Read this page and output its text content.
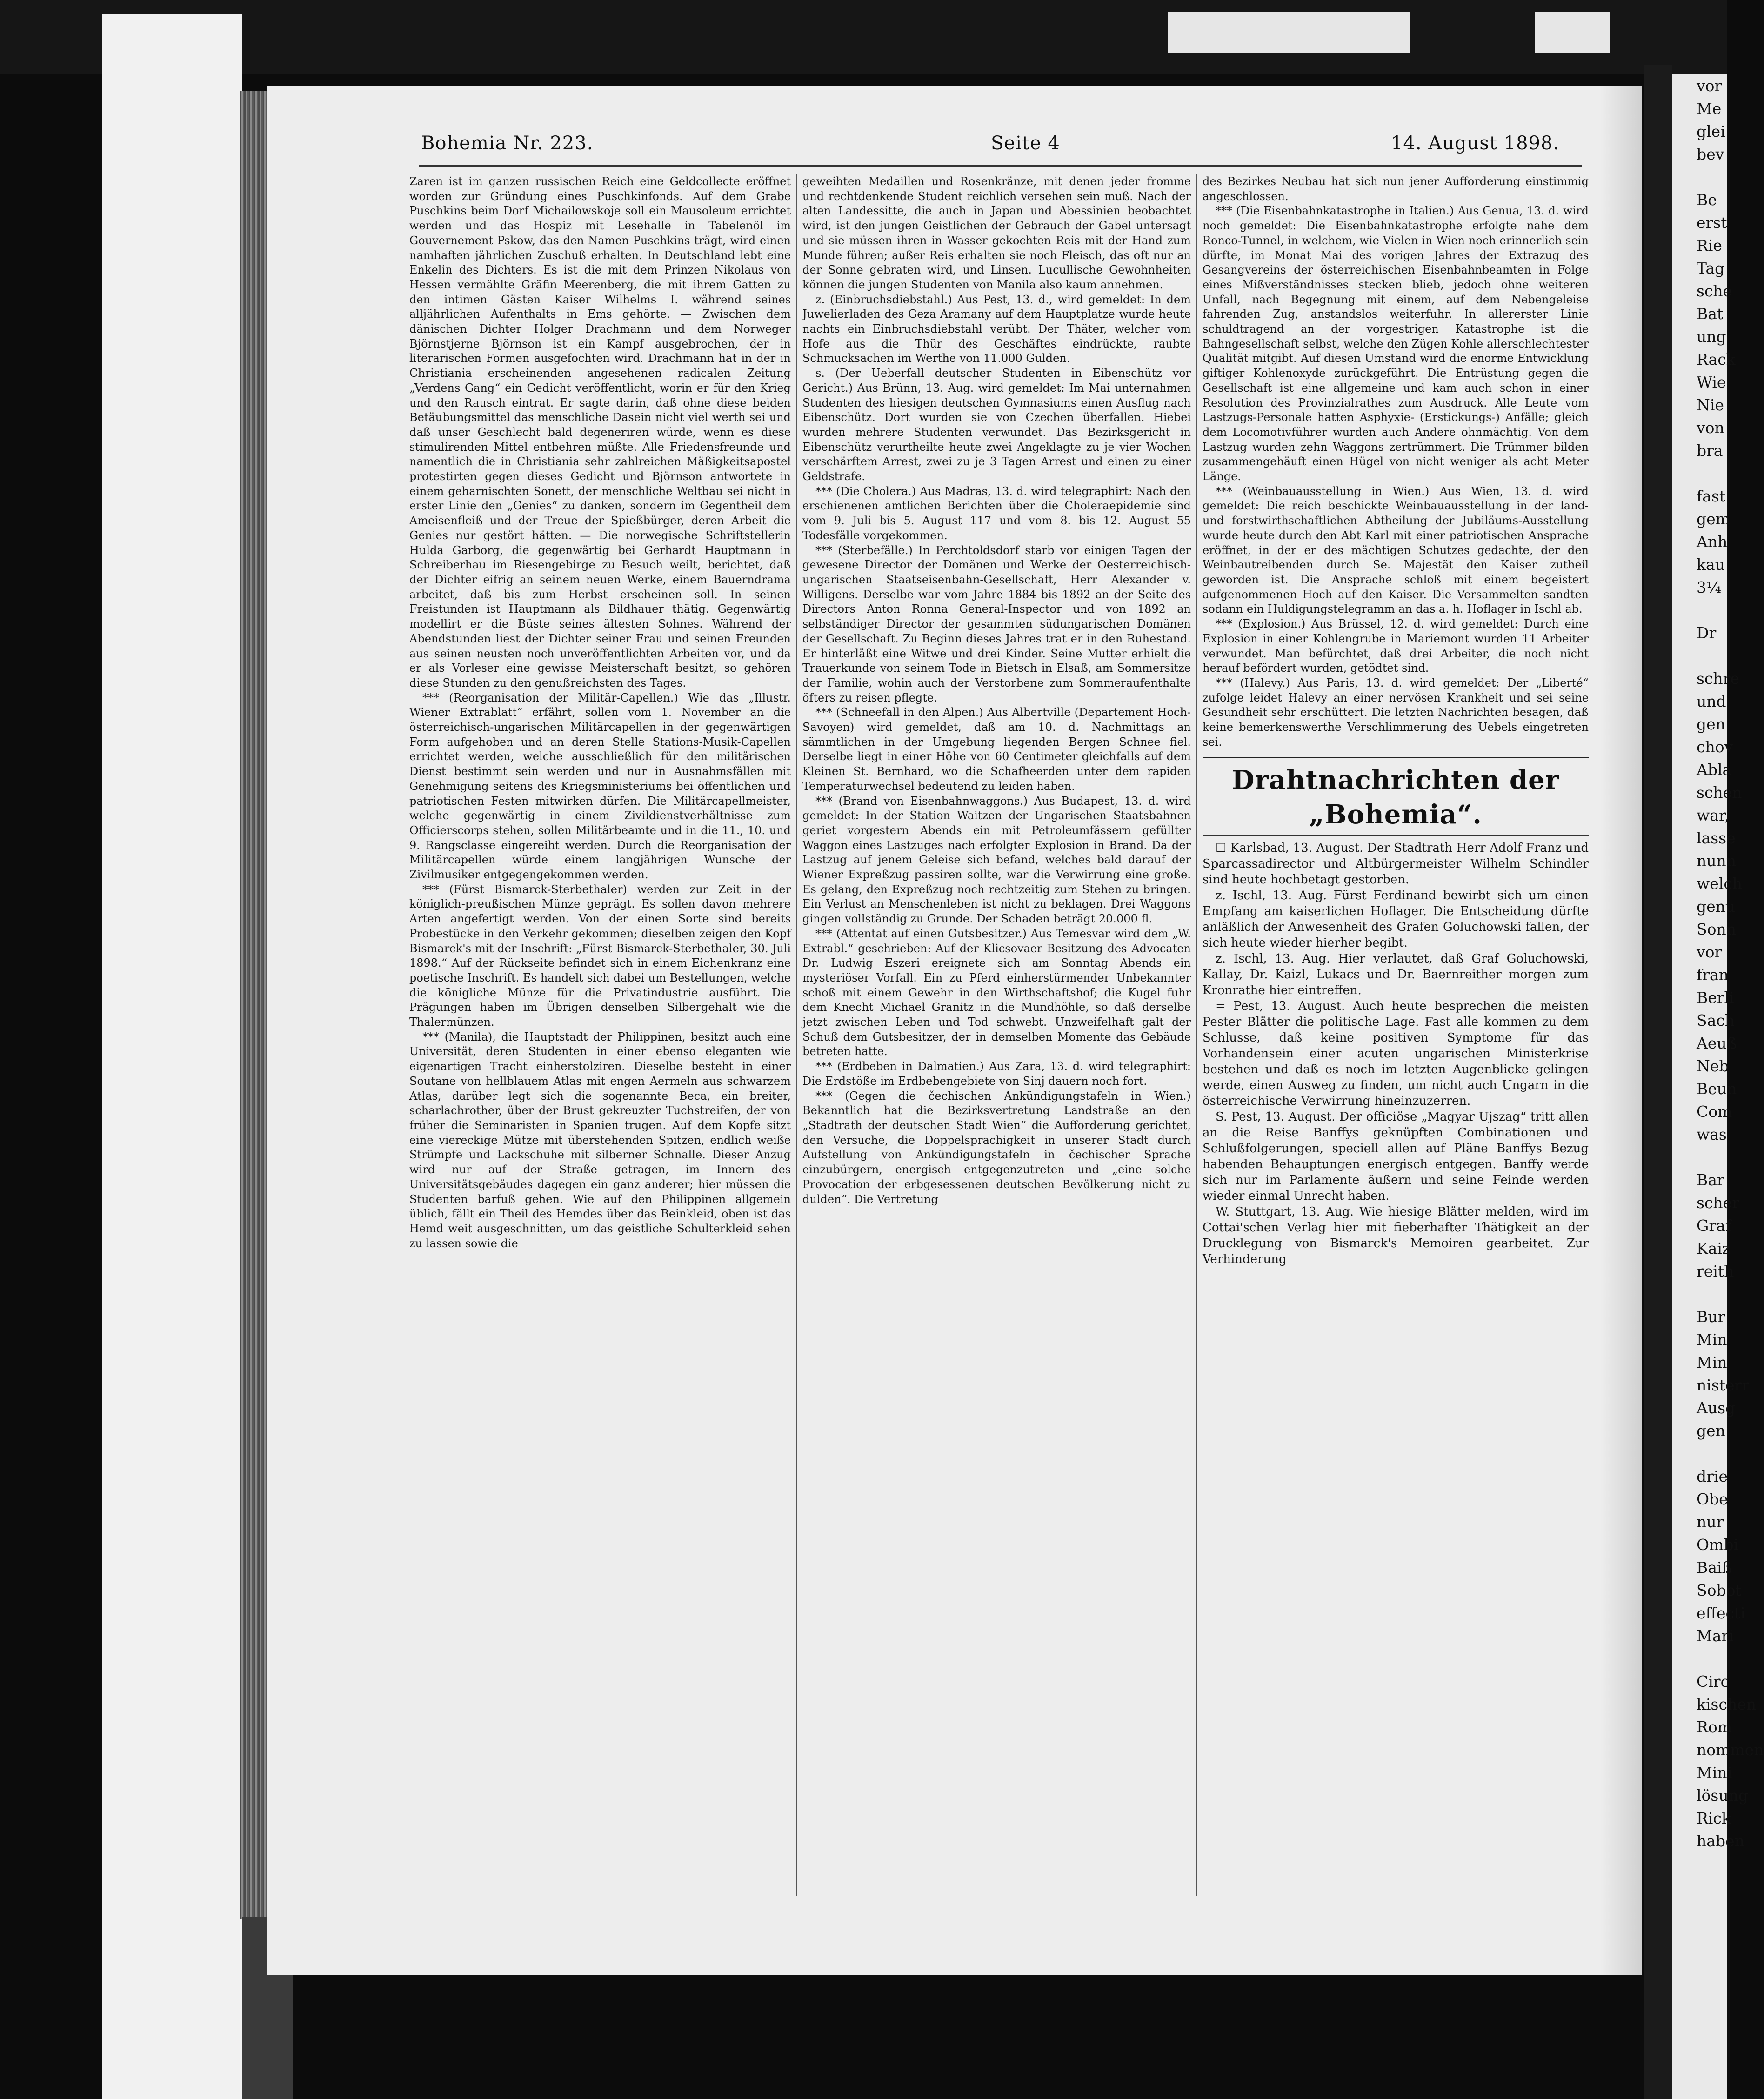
Bohemia Nr. 223.	Seite 4	14. August 1898.

Zaren ist im ganzen russischen Reich eine Geldcollecte eröffnet worden zur Gründung eines Puschkinfonds. Auf dem Grabe Puschkins beim Dorf Michailowskoje soll ein Mausoleum errichtet werden und das Hospiz mit Lesehalle in Tabelenöl im Gouvernement Pskow, das den Namen Puschkins trägt, wird einen namhaften jährlichen Zuschuß erhalten. In Deutschland lebt eine Enkelin des Dichters. Es ist die mit dem Prinzen Nikolaus von Hessen vermählte Gräfin Meerenberg, die mit ihrem Gatten zu den intimen Gästen Kaiser Wilhelms I. während seines alljährlichen Aufenthalts in Ems gehörte. — Zwischen dem dänischen Dichter Holger Drachmann und dem Norweger Björnstjerne Björnson ist ein Kampf ausgebrochen, der in literarischen Formen ausgefochten wird. Drachmann hat in der in Christiania erscheinenden angesehenen radicalen Zeitung „Verdens Gang“ ein Gedicht veröffentlicht, worin er für den Krieg und den Rausch eintrat. Er sagte darin, daß ohne diese beiden Betäubungsmittel das menschliche Dasein nicht viel werth sei und daß unser Geschlecht bald degeneriren würde, wenn es diese stimulirenden Mittel entbehren müßte. Alle Friedensfreunde und namentlich die in Christiania sehr zahlreichen Mäßigkeitsapostel protestirten gegen dieses Gedicht und Björnson antwortete in einem geharnischten Sonett, der menschliche Weltbau sei nicht in erster Linie den „Genies“ zu danken, sondern im Gegentheil dem Ameisenfleiß und der Treue der Spießbürger, deren Arbeit die Genies nur gestört hätten. — Die norwegische Schriftstellerin Hulda Garborg, die gegenwärtig bei Gerhardt Hauptmann in Schreiberhau im Riesengebirge zu Besuch weilt, berichtet, daß der Dichter eifrig an seinem neuen Werke, einem Bauerndrama arbeitet, daß bis zum Herbst erscheinen soll. In seinen Freistunden ist Hauptmann als Bildhauer thätig. Gegenwärtig modellirt er die Büste seines ältesten Sohnes. Während der Abendstunden liest der Dichter seiner Frau und seinen Freunden aus seinen neusten noch unveröffentlichten Arbeiten vor, und da er als Vorleser eine gewisse Meisterschaft besitzt, so gehören diese Stunden zu den genußreichsten des Tages.

*** (Reorganisation der Militär-Capellen.) Wie das „Illustr. Wiener Extrablatt“ erfährt, sollen vom 1. November an die österreichisch-ungarischen Militärcapellen in der gegenwärtigen Form aufgehoben und an deren Stelle Stations-Musik-Capellen errichtet werden, welche ausschließlich für den militärischen Dienst bestimmt sein werden und nur in Ausnahmsfällen mit Genehmigung seitens des Kriegsministeriums bei öffentlichen und patriotischen Festen mitwirken dürfen. Die Militärcapellmeister, welche gegenwärtig in einem Zivildienstverhältnisse zum Officierscorps stehen, sollen Militärbeamte und in die 11., 10. und 9. Rangsclasse eingereiht werden. Durch die Reorganisation der Militärcapellen würde einem langjährigen Wunsche der Zivilmusiker entgegengekommen werden.

*** (Fürst Bismarck-Sterbethaler) werden zur Zeit in der königlich-preußischen Münze geprägt. Es sollen davon mehrere Arten angefertigt werden. Von der einen Sorte sind bereits Probestücke in den Verkehr gekommen; dieselben zeigen den Kopf Bismarck's mit der Inschrift: „Fürst Bismarck-Sterbethaler, 30. Juli 1898.“ Auf der Rückseite befindet sich in einem Eichenkranz eine poetische Inschrift. Es handelt sich dabei um Bestellungen, welche die königliche Münze für die Privatindustrie ausführt. Die Prägungen haben im Übrigen denselben Silbergehalt wie die Thalermünzen.

*** (Manila), die Hauptstadt der Philippinen, besitzt auch eine Universität, deren Studenten in einer ebenso eleganten wie eigenartigen Tracht einherstolziren. Dieselbe besteht in einer Soutane von hellblauem Atlas mit engen Aermeln aus schwarzem Atlas, darüber legt sich die sogenannte Beca, ein breiter, scharlachrother, über der Brust gekreuzter Tuchstreifen, der von früher die Seminaristen in Spanien trugen. Auf dem Kopfe sitzt eine viereckige Mütze mit überstehenden Spitzen, endlich weiße Strümpfe und Lackschuhe mit silberner Schnalle. Dieser Anzug wird nur auf der Straße getragen, im Innern des Universitätsgebäudes dagegen ein ganz anderer; hier müssen die Studenten barfuß gehen. Wie auf den Philippinen allgemein üblich, fällt ein Theil des Hemdes über das Beinkleid, oben ist das Hemd weit ausgeschnitten, um das geistliche Schulterkleid sehen zu lassen sowie die

geweihten Medaillen und Rosenkränze, mit denen jeder fromme und rechtdenkende Student reichlich versehen sein muß. Nach der alten Landessitte, die auch in Japan und Abessinien beobachtet wird, ist den jungen Geistlichen der Gebrauch der Gabel untersagt und sie müssen ihren in Wasser gekochten Reis mit der Hand zum Munde führen; außer Reis erhalten sie noch Fleisch, das oft nur an der Sonne gebraten wird, und Linsen. Lucullische Gewohnheiten können die jungen Studenten von Manila also kaum annehmen.

z. (Einbruchsdiebstahl.) Aus Pest, 13. d., wird gemeldet: In dem Juwelierladen des Geza Aramany auf dem Hauptplatze wurde heute nachts ein Einbruchsdiebstahl verübt. Der Thäter, welcher vom Hofe aus die Thür des Geschäftes eindrückte, raubte Schmucksachen im Werthe von 11.000 Gulden.

s. (Der Ueberfall deutscher Studenten in Eibenschütz vor Gericht.) Aus Brünn, 13. Aug. wird gemeldet: Im Mai unternahmen Studenten des hiesigen deutschen Gymnasiums einen Ausflug nach Eibenschütz. Dort wurden sie von Czechen überfallen. Hiebei wurden mehrere Studenten verwundet. Das Bezirksgericht in Eibenschütz verurtheilte heute zwei Angeklagte zu je vier Wochen verschärftem Arrest, zwei zu je 3 Tagen Arrest und einen zu einer Geldstrafe.

*** (Die Cholera.) Aus Madras, 13. d. wird telegraphirt: Nach den erschienenen amtlichen Berichten über die Choleraepidemie sind vom 9. Juli bis 5. August 117 und vom 8. bis 12. August 55 Todesfälle vorgekommen.

*** (Sterbefälle.) In Perchtoldsdorf starb vor einigen Tagen der gewesene Director der Domänen und Werke der Oesterreichisch-ungarischen Staatseisenbahn-Gesellschaft, Herr Alexander v. Willigens. Derselbe war vom Jahre 1884 bis 1892 an der Seite des Directors Anton Ronna General-Inspector und von 1892 an selbständiger Director der gesammten südungarischen Domänen der Gesellschaft. Zu Beginn dieses Jahres trat er in den Ruhestand. Er hinterläßt eine Witwe und drei Kinder. Seine Mutter erhielt die Trauerkunde von seinem Tode in Bietsch in Elsaß, am Sommersitze der Familie, wohin auch der Verstorbene zum Sommeraufenthalte öfters zu reisen pflegte.

*** (Schneefall in den Alpen.) Aus Albertville (Departement Hoch-Savoyen) wird gemeldet, daß am 10. d. Nachmittags an sämmtlichen in der Umgebung liegenden Bergen Schnee fiel. Derselbe liegt in einer Höhe von 60 Centimeter gleichfalls auf dem Kleinen St. Bernhard, wo die Schafheerden unter dem rapiden Temperaturwechsel bedeutend zu leiden haben.

*** (Brand von Eisenbahnwaggons.) Aus Budapest, 13. d. wird gemeldet: In der Station Waitzen der Ungarischen Staatsbahnen geriet vorgestern Abends ein mit Petroleumfässern gefüllter Waggon eines Lastzuges nach erfolgter Explosion in Brand. Da der Lastzug auf jenem Geleise sich befand, welches bald darauf der Wiener Expreßzug passiren sollte, war die Verwirrung eine große. Es gelang, den Expreßzug noch rechtzeitig zum Stehen zu bringen. Ein Verlust an Menschenleben ist nicht zu beklagen. Drei Waggons gingen vollständig zu Grunde. Der Schaden beträgt 20.000 fl.

*** (Attentat auf einen Gutsbesitzer.) Aus Temesvar wird dem „W. Extrabl.“ geschrieben: Auf der Klicsovaer Besitzung des Advocaten Dr. Ludwig Eszeri ereignete sich am Sonntag Abends ein mysteriöser Vorfall. Ein zu Pferd einherstürmender Unbekannter schoß mit einem Gewehr in den Wirthschaftshof; die Kugel fuhr dem Knecht Michael Granitz in die Mundhöhle, so daß derselbe jetzt zwischen Leben und Tod schwebt. Unzweifelhaft galt der Schuß dem Gutsbesitzer, der in demselben Momente das Gebäude betreten hatte.

*** (Erdbeben in Dalmatien.) Aus Zara, 13. d. wird telegraphirt: Die Erdstöße im Erdbebengebiete von Sinj dauern noch fort.

*** (Gegen die čechischen Ankündigungstafeln in Wien.) Bekanntlich hat die Bezirksvertretung Landstraße an den „Stadtrath der deutschen Stadt Wien“ die Aufforderung gerichtet, den Versuche, die Doppelsprachigkeit in unserer Stadt durch Aufstellung von Ankündigungstafeln in čechischer Sprache einzubürgern, energisch entgegenzutreten und „eine solche Provocation der erbgesessenen deutschen Bevölkerung nicht zu dulden“. Die Vertretung

des Bezirkes Neubau hat sich nun jener Aufforderung einstimmig angeschlossen.

*** (Die Eisenbahnkatastrophe in Italien.) Aus Genua, 13. d. wird noch gemeldet: Die Eisenbahnkatastrophe erfolgte nahe dem Ronco-Tunnel, in welchem, wie Vielen in Wien noch erinnerlich sein dürfte, im Monat Mai des vorigen Jahres der Extrazug des Gesangvereins der österreichischen Eisenbahnbeamten in Folge eines Mißverständnisses stecken blieb, jedoch ohne weiteren Unfall, nach Begegnung mit einem, auf dem Nebengeleise fahrenden Zug, anstandslos weiterfuhr. In allererster Linie schuldtragend an der vorgestrigen Katastrophe ist die Bahngesellschaft selbst, welche den Zügen Kohle allerschlechtester Qualität mitgibt. Auf diesen Umstand wird die enorme Entwicklung giftiger Kohlenoxyde zurückgeführt. Die Entrüstung gegen die Gesellschaft ist eine allgemeine und kam auch schon in einer Resolution des Provinzialrathes zum Ausdruck. Alle Leute vom Lastzugs-Personale hatten Asphyxie- (Erstickungs-) Anfälle; gleich dem Locomotivführer wurden auch Andere ohnmächtig. Von dem Lastzug wurden zehn Waggons zertrümmert. Die Trümmer bilden zusammengehäuft einen Hügel von nicht weniger als acht Meter Länge.

*** (Weinbauausstellung in Wien.) Aus Wien, 13. d. wird gemeldet: Die reich beschickte Weinbauausstellung in der land- und forstwirthschaftlichen Abtheilung der Jubiläums-Ausstellung wurde heute durch den Abt Karl mit einer patriotischen Ansprache eröffnet, in der er des mächtigen Schutzes gedachte, der den Weinbautreibenden durch Se. Majestät den Kaiser zutheil geworden ist. Die Ansprache schloß mit einem begeistert aufgenommenen Hoch auf den Kaiser. Die Versammelten sandten sodann ein Huldigungstelegramm an das a. h. Hoflager in Ischl ab.

*** (Explosion.) Aus Brüssel, 12. d. wird gemeldet: Durch eine Explosion in einer Kohlengrube in Mariemont wurden 11 Arbeiter verwundet. Man befürchtet, daß drei Arbeiter, die noch nicht herauf befördert wurden, getödtet sind.

*** (Halevy.) Aus Paris, 13. d. wird gemeldet: Der „Liberté“ zufolge leidet Halevy an einer nervösen Krankheit und sei seine Gesundheit sehr erschüttert. Die letzten Nachrichten besagen, daß keine bemerkenswerthe Verschlimmerung des Uebels eingetreten sei.

Drahtnachrichten der „Bohemia“.

☐ Karlsbad, 13. August. Der Stadtrath Herr Adolf Franz und Sparcassadirector und Altbürgermeister Wilhelm Schindler sind heute hochbetagt gestorben.

z. Ischl, 13. Aug. Fürst Ferdinand bewirbt sich um einen Empfang am kaiserlichen Hoflager. Die Entscheidung dürfte anläßlich der Anwesenheit des Grafen Goluchowski fallen, der sich heute wieder hierher begibt.

z. Ischl, 13. Aug. Hier verlautet, daß Graf Goluchowski, Kallay, Dr. Kaizl, Lukacs und Dr. Baernreither morgen zum Kronrathe hier eintreffen.

= Pest, 13. August. Auch heute besprechen die meisten Pester Blätter die politische Lage. Fast alle kommen zu dem Schlusse, daß keine positiven Symptome für das Vorhandensein einer acuten ungarischen Ministerkrise bestehen und daß es noch im letzten Augenblicke gelingen werde, einen Ausweg zu finden, um nicht auch Ungarn in die österreichische Verwirrung hineinzuzerren.

S. Pest, 13. August. Der officiöse „Magyar Ujszag“ tritt allen an die Reise Banffys geknüpften Combinationen und Schlußfolgerungen, speciell allen auf Pläne Banffys Bezug habenden Behauptungen energisch entgegen. Banffy werde sich nur im Parlamente äußern und seine Feinde werden wieder einmal Unrecht haben.

W. Stuttgart, 13. Aug. Wie hiesige Blätter melden, wird im Cottai'schen Verlag hier mit fieberhafter Thätigkeit an der Drucklegung von Bismarck's Memoiren gearbeitet. Zur Verhinderung

vor
Me
glei
bev
Be
erst
Rie
Tag
sche
Bat
ung
Rack
Wie
Nie
von
bra
fast
gem
Anh
kau
3¼
Dr
schre
und
gen
chov
Abla
schen
war,
lasse
nunn
welch
genu
Sonn
vor
fran
Berli
Sach
Aeuß
Neb
Beun
Com
was
Bar
scher
Graf
Kaiz
reith
Bur
Min
Min
nisterr
Ausg
gen
drie
Obe
nur
Ombi
Baiß
Sobot
effecti
Mari
Circ
kischen
Rom
nommen
Mini
lösung
Rick
haben
